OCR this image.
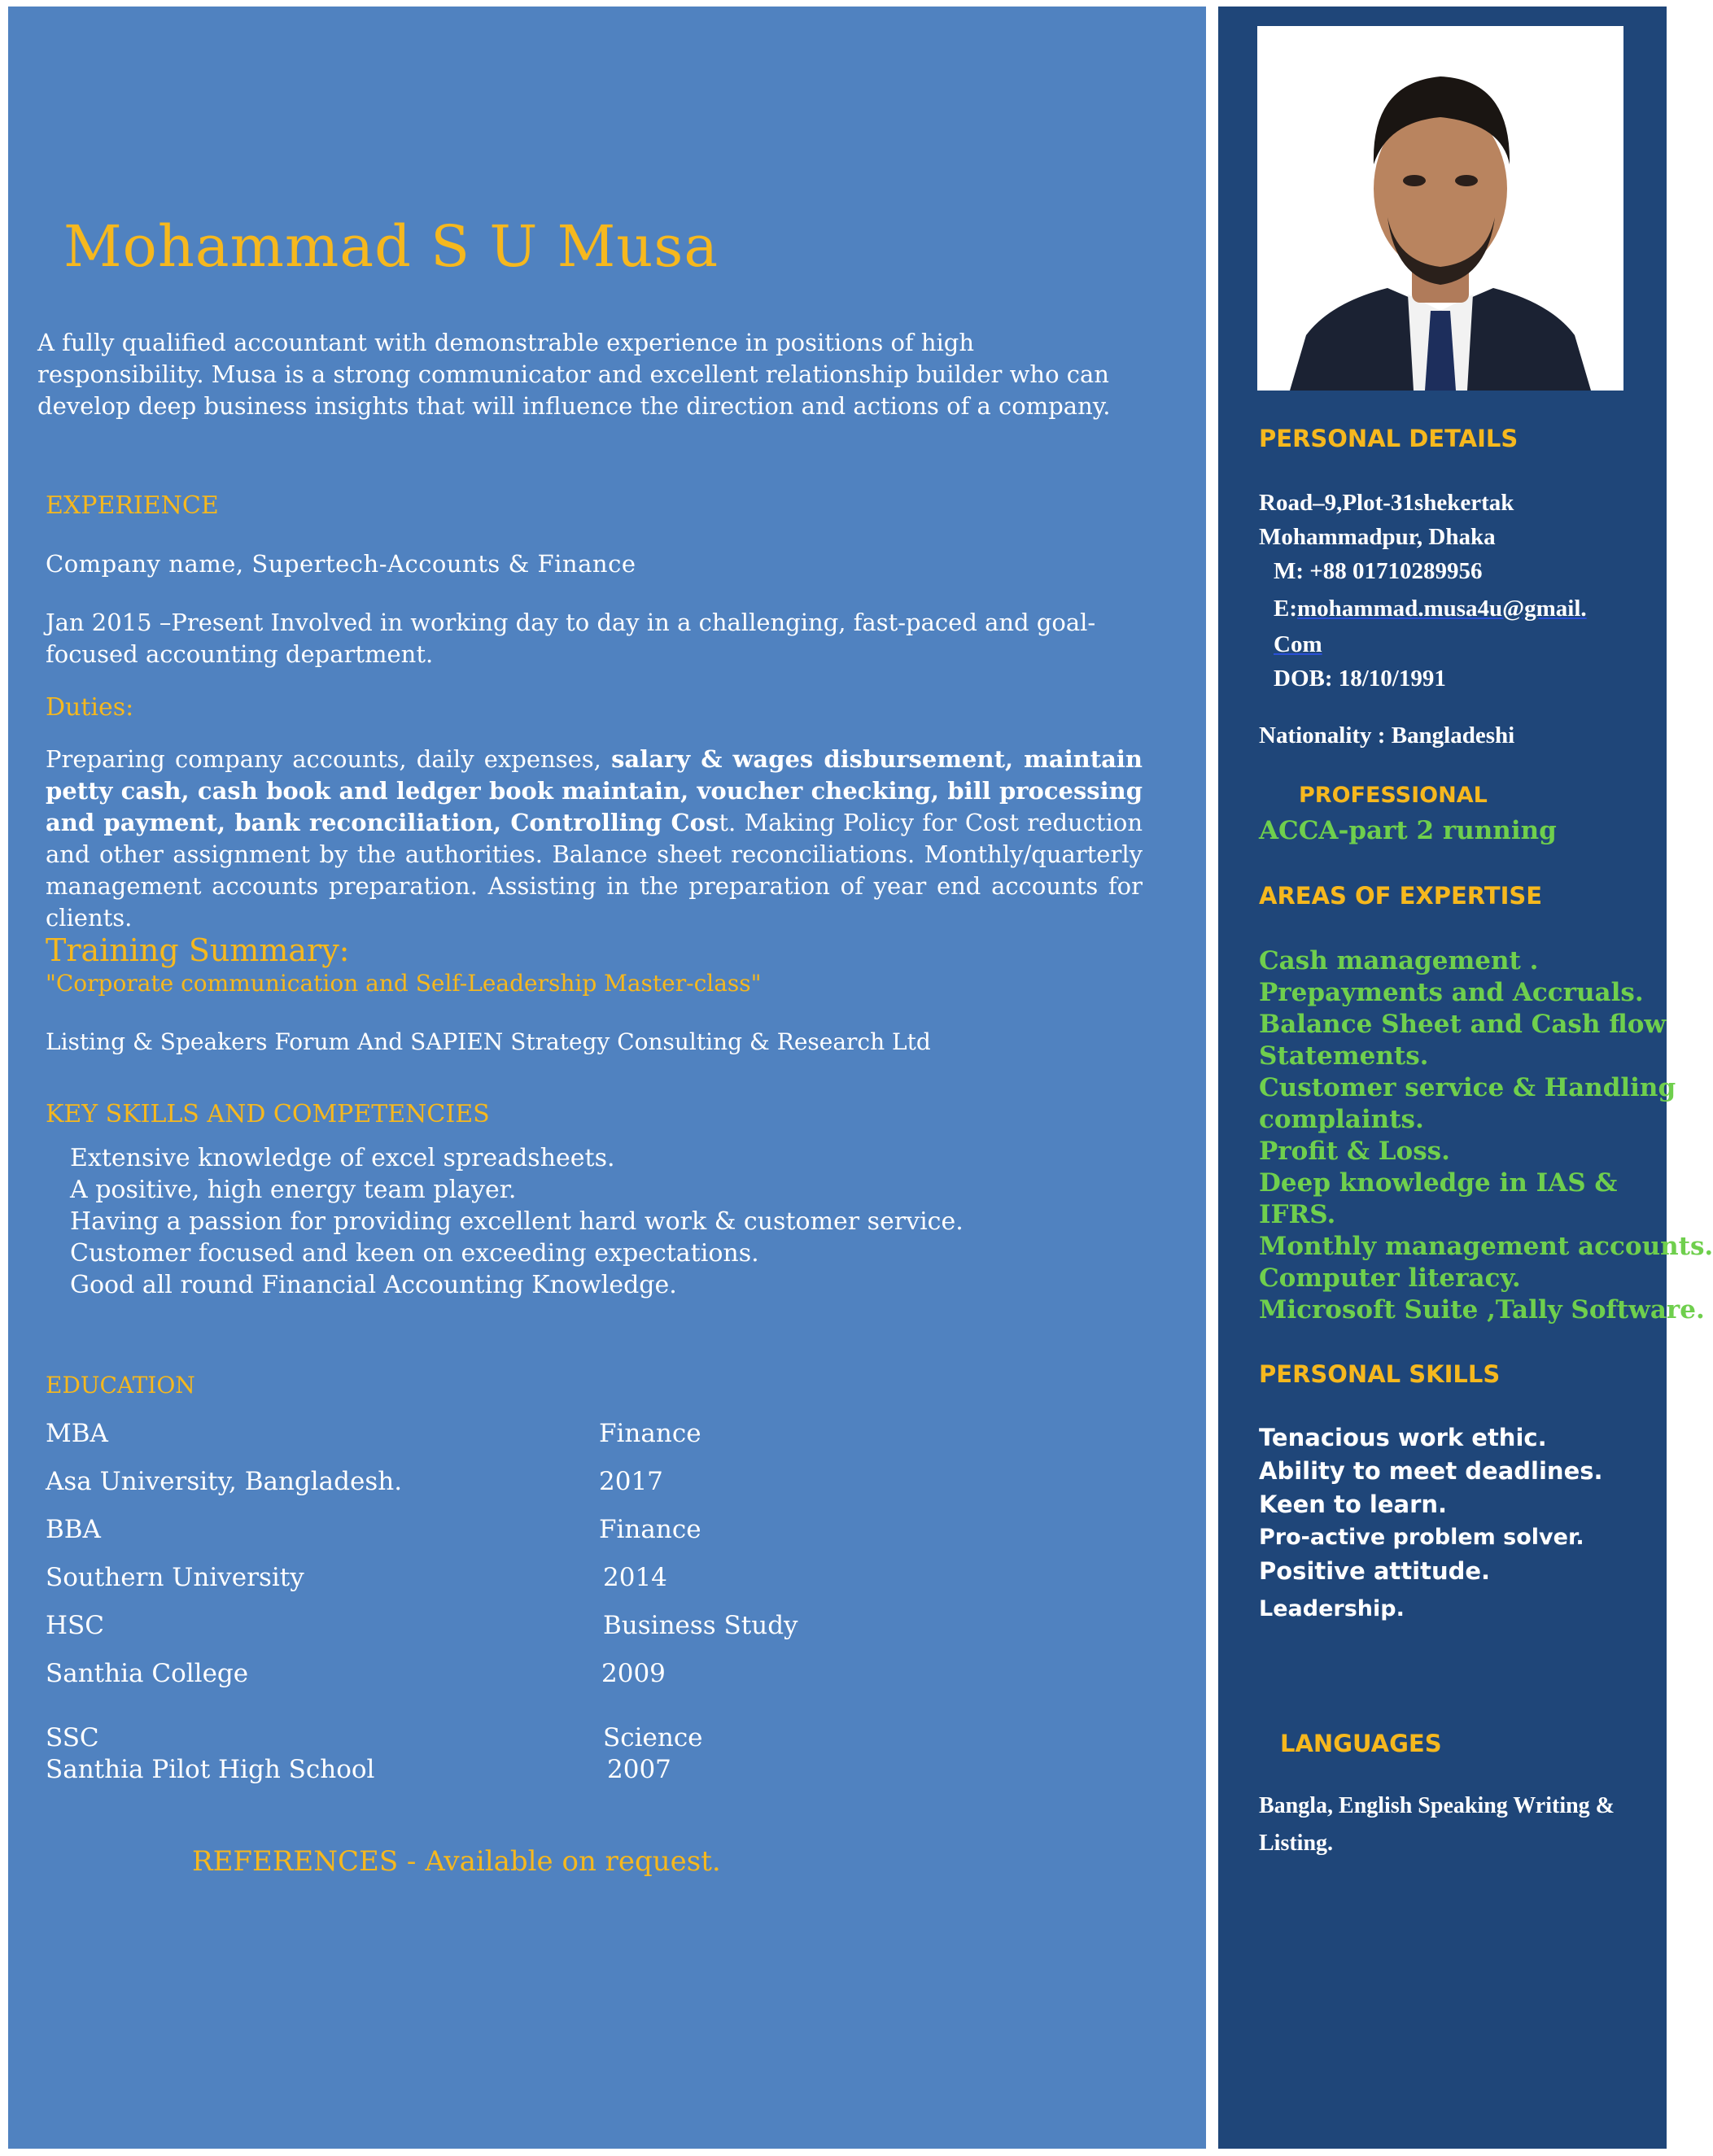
Mohammad S U Musa

A fully qualified accountant with demonstrable experience in positions of high responsibility. Musa is a strong communicator and excellent relationship builder who can develop deep business insights that will influence the direction and actions of a company.

EXPERIENCE
Company name, Supertech-Accounts & Finance

Jan 2015 –Present Involved in working day to day in a challenging, fast-paced and goal-focused accounting department.

Duties:

Preparing company accounts, daily expenses, salary & wages disbursement, maintain petty cash, cash book and ledger book maintain, voucher checking, bill processing and payment, bank reconciliation, Controlling Cost. Making Policy for Cost reduction and other assignment by the authorities. Balance sheet reconciliations. Monthly/quarterly management accounts preparation. Assisting in the preparation of year end accounts for clients.

Training Summary:
"Corporate communication and Self-Leadership Master-class"
Listing & Speakers Forum And SAPIEN Strategy Consulting & Research Ltd
KEY SKILLS AND COMPETENCIES
Extensive knowledge of excel spreadsheets.
A positive, high energy team player.
Having a passion for providing excellent hard work & customer service.
Customer focused and keen on exceeding expectations.
Good all round Financial Accounting Knowledge.
EDUCATION
MBA	Finance
Asa University, Bangladesh.	2017
BBA	Finance
Southern University	2014
HSC	Business Study
Santhia College	2009
SSC	Science
Santhia Pilot High School	2007
REFERENCES - Available on request.
PERSONAL DETAILS
Road–9,Plot-31shekertak
Mohammadpur, Dhaka
M: +88 01710289956
E:mohammad.musa4u@gmail.
Com
DOB: 18/10/1991
Nationality : Bangladeshi
PROFESSIONAL
ACCA-part 2 running
AREAS OF EXPERTISE
Cash management .
Prepayments and Accruals.
Balance Sheet and Cash flow
Statements.
Customer service & Handling
complaints.
Profit & Loss.
Deep knowledge in IAS &
IFRS.
Monthly management accounts.
Computer literacy.
Microsoft Suite ,Tally Software.
PERSONAL SKILLS
Tenacious work ethic.
Ability to meet deadlines.
Keen to learn.
Pro-active problem solver.
Positive attitude.
Leadership.
LANGUAGES
Bangla, English Speaking Writing &
Listing.
